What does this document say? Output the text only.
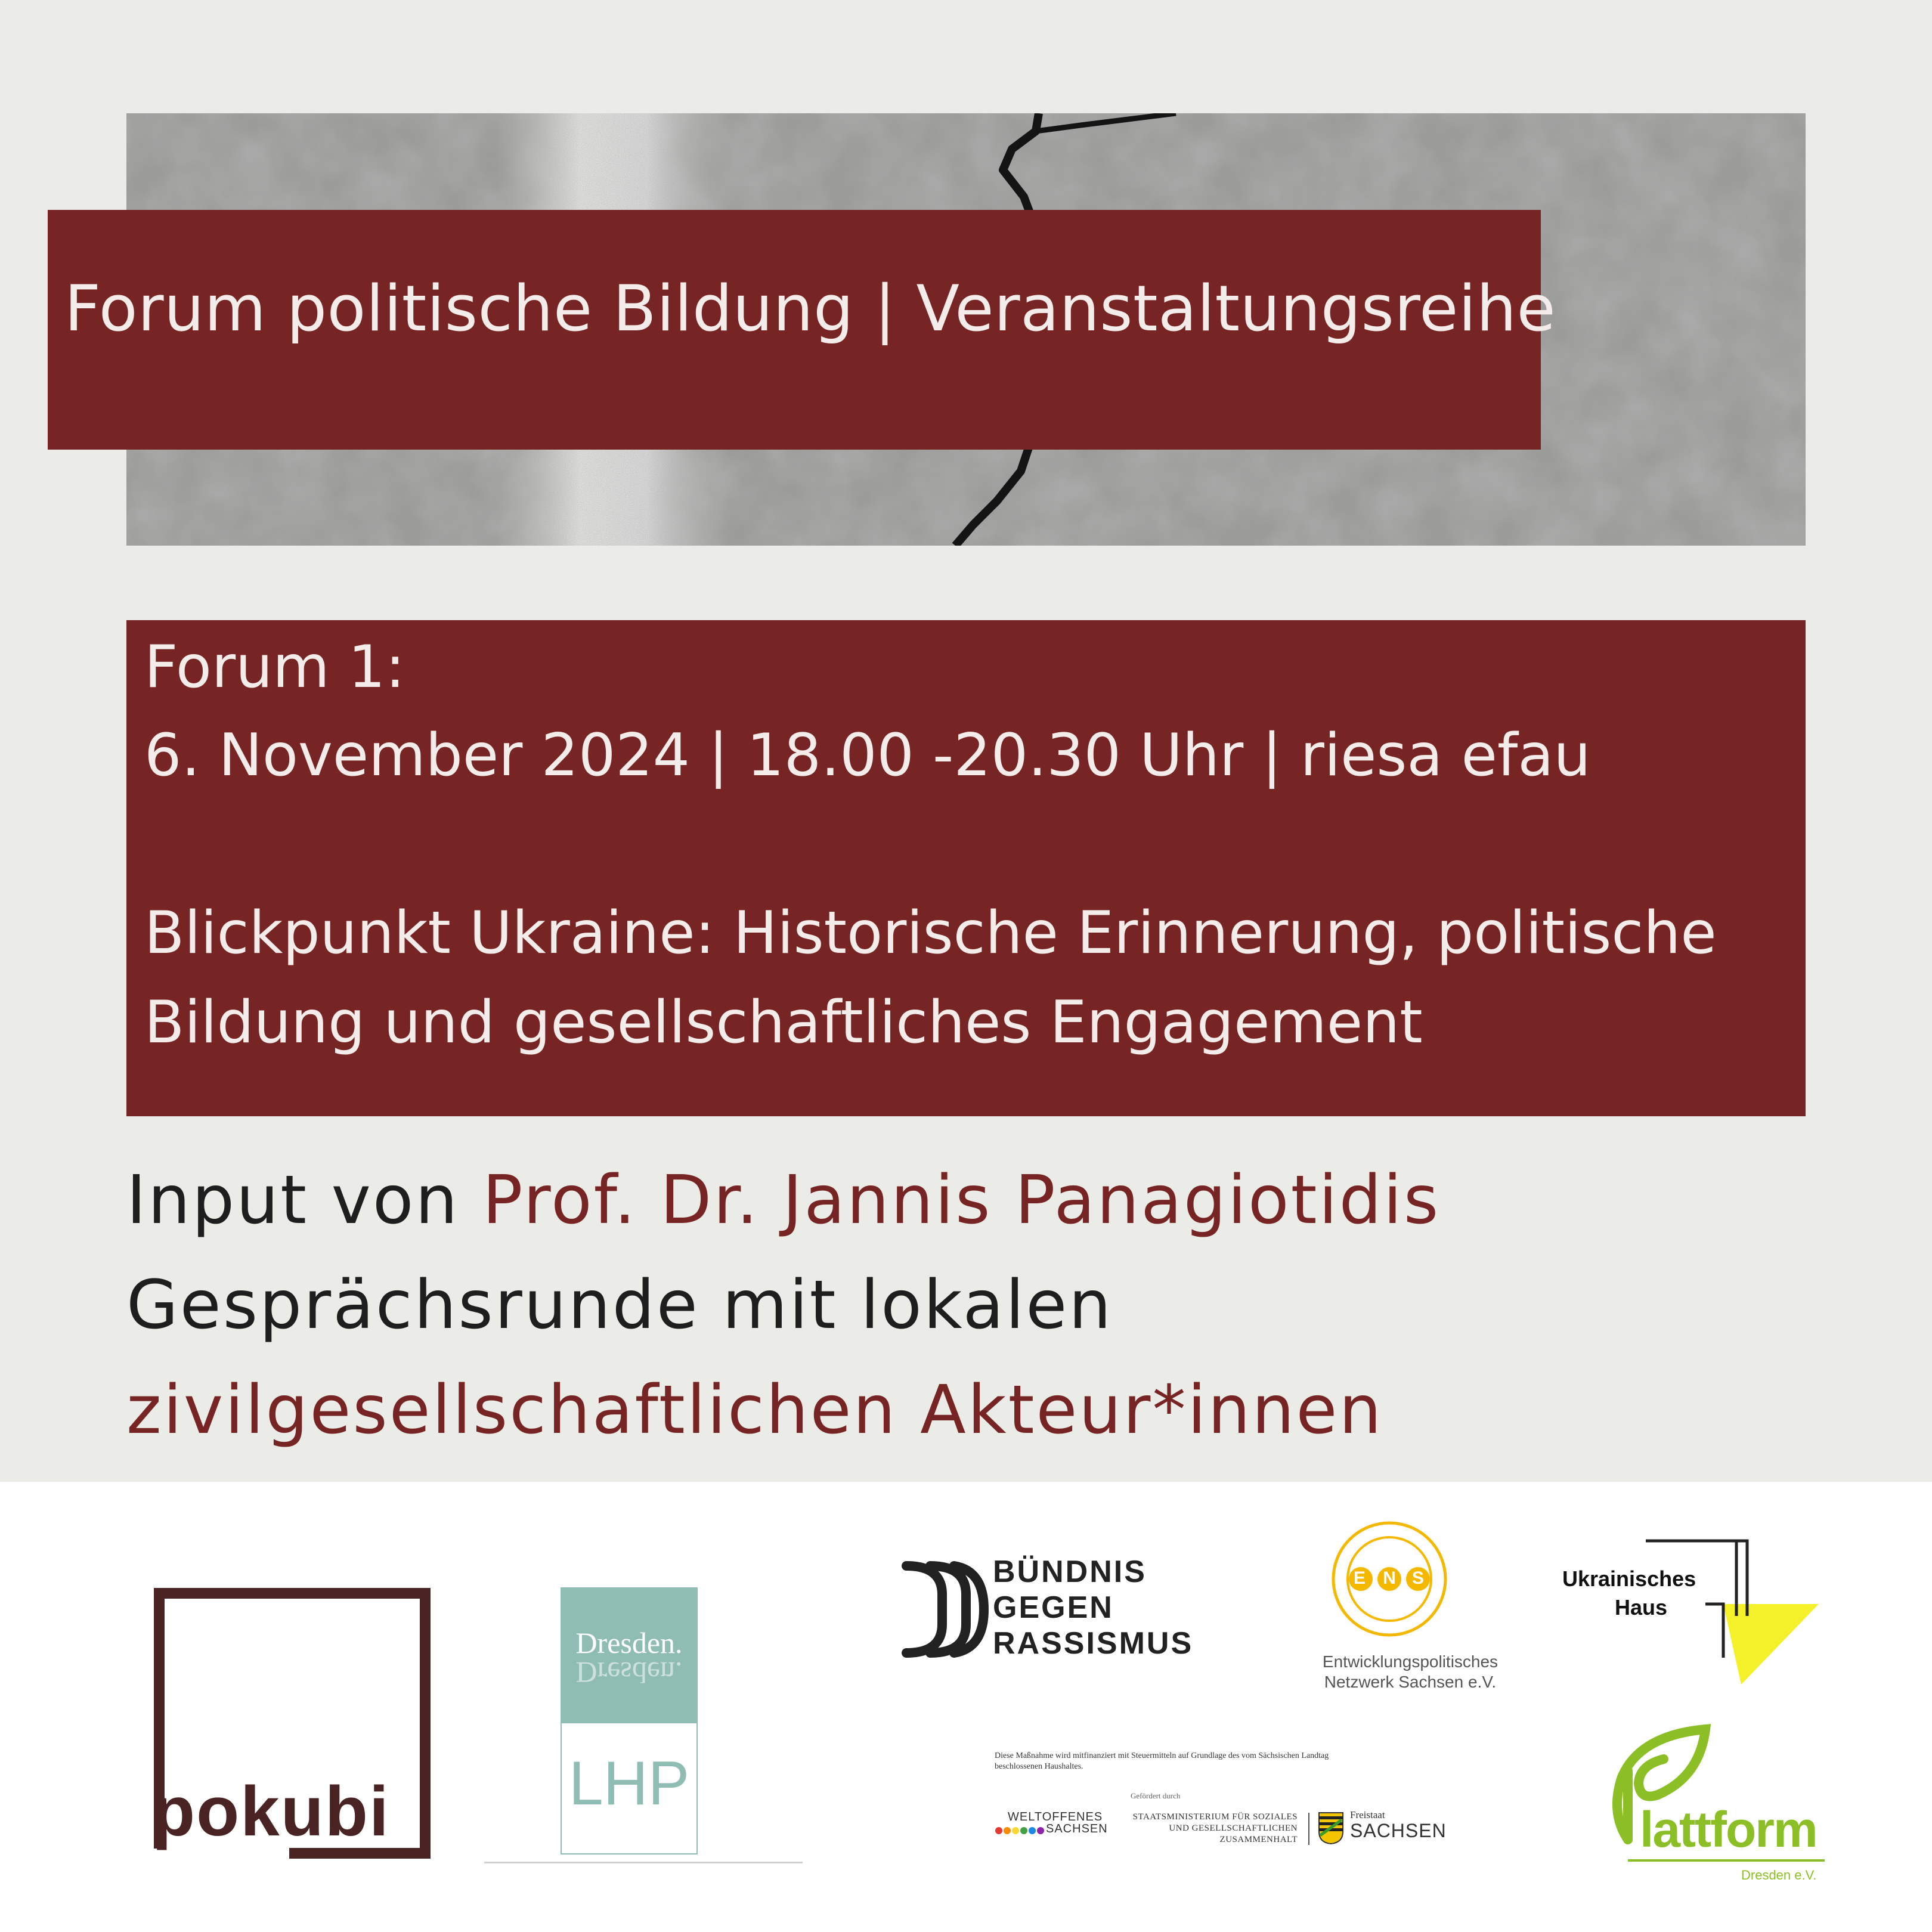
Forum politische Bildung | Veranstaltungsreihe
Forum 1:
6. November 2024 | 18.00 -20.30 Uhr | riesa efau
Blickpunkt Ukraine: Historische Erinnerung, politische
Bildung und gesellschaftliches Engagement
Input von Prof. Dr. Jannis Panagiotidis
Gesprächsrunde mit lokalen
zivilgesellschaftlichen Akteur*innen
pokubi
Dresden.
Dresden.
LHP
BÜNDNIS
GEGEN
RASSISMUS
E N S
Entwicklungspolitisches
Netzwerk Sachsen e.V.
Ukrainisches
Haus
lattform
Dresden e.V.
Diese Maßnahme wird mitfinanziert mit Steuermitteln auf Grundlage des vom Sächsischen Landtag
beschlossenen Haushaltes.
Gefördert durch
WELTOFFENES
SACHSEN
STAATSMINISTERIUM FÜR SOZIALES
UND GESELLSCHAFTLICHEN
ZUSAMMENHALT
Freistaat
SACHSEN
